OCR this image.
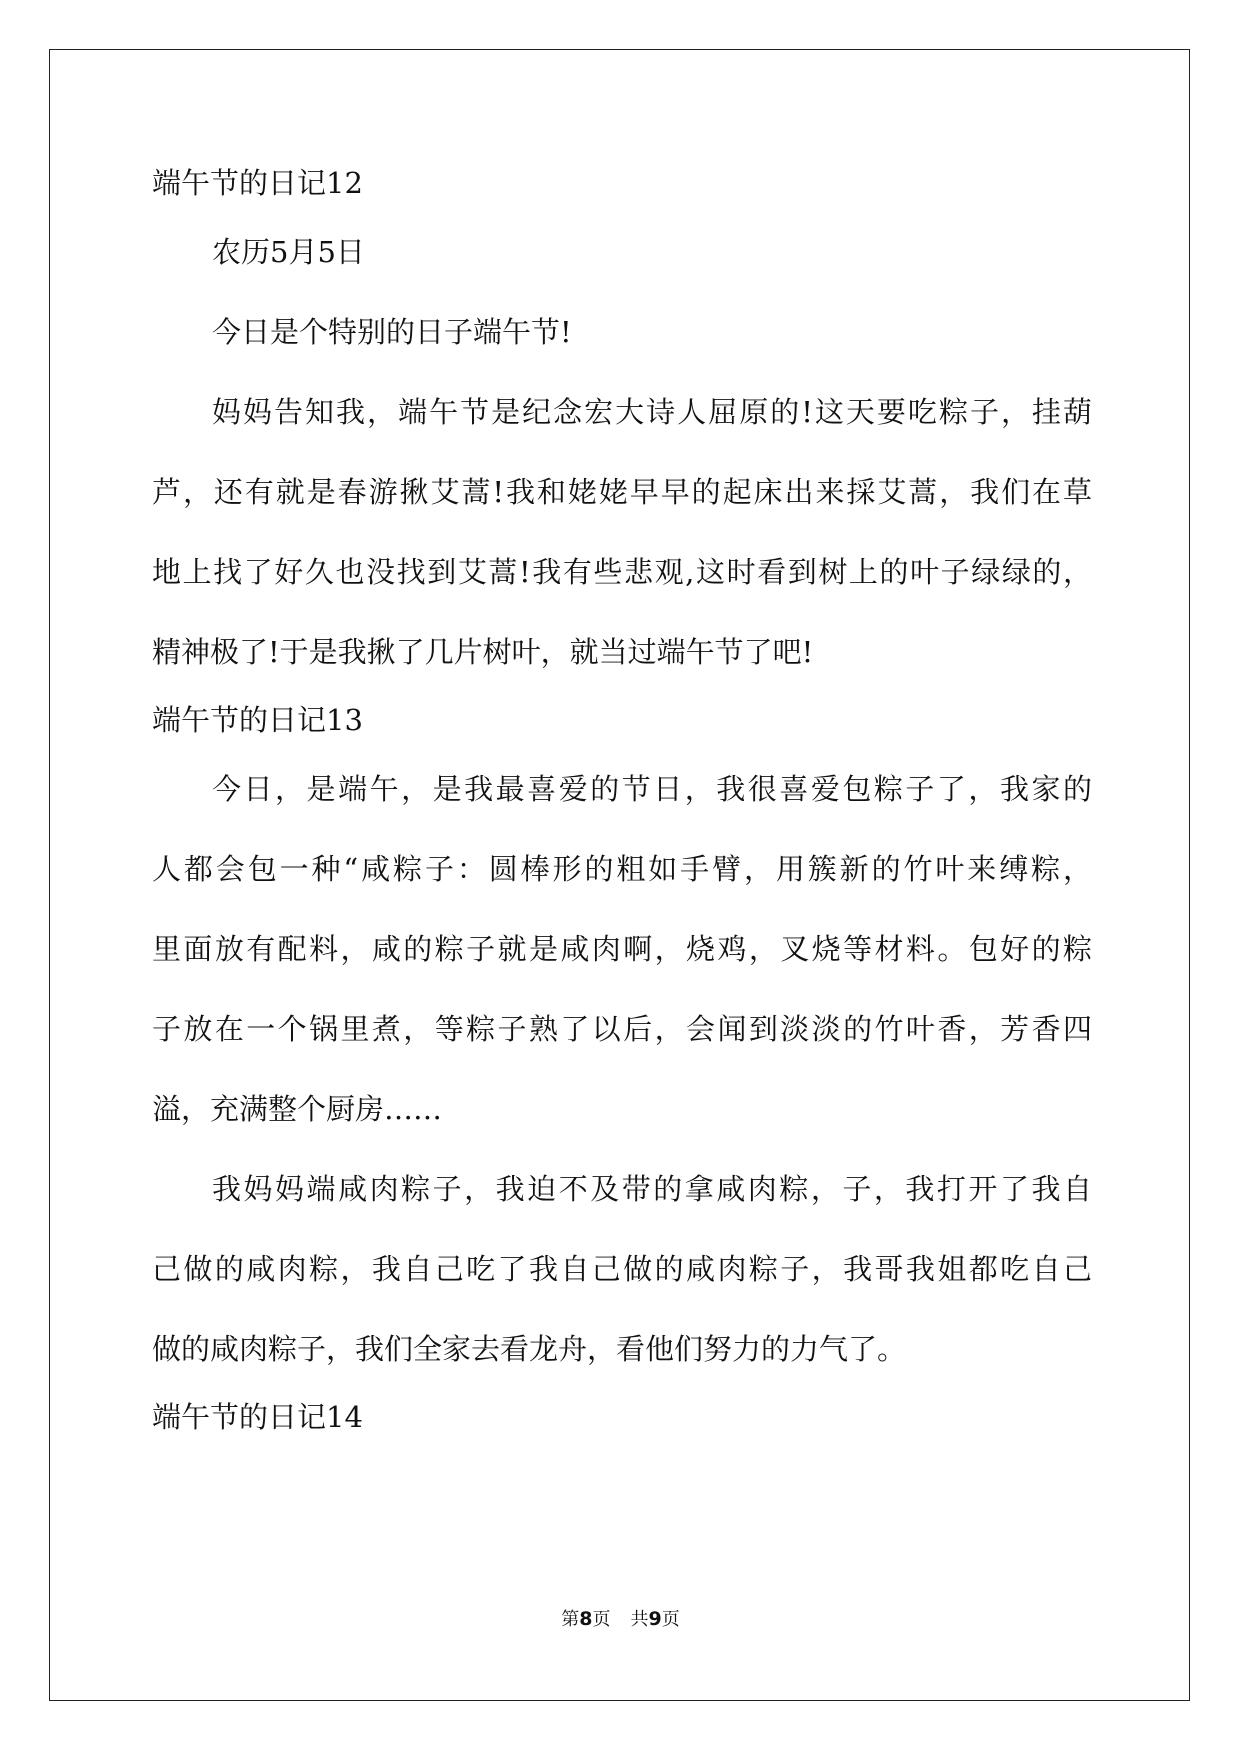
端午节的日记12
农历5月5日
今日是个特别的日子端午节!
妈妈告知我，端午节是纪念宏大诗人屈原的!这天要吃粽子，挂葫
芦，还有就是春游揪艾蒿!我和姥姥早早的起床出来採艾蒿，我们在草
地上找了好久也没找到艾蒿!我有些悲观,这时看到树上的叶子绿绿的，
精神极了!于是我揪了几片树叶，就当过端午节了吧!
端午节的日记13
今日，是端午，是我最喜爱的节日，我很喜爱包粽子了，我家的
人都会包一种“咸粽子：圆棒形的粗如手臂，用簇新的竹叶来缚粽，
里面放有配料，咸的粽子就是咸肉啊，烧鸡，叉烧等材料。包好的粽
子放在一个锅里煮，等粽子熟了以后，会闻到淡淡的竹叶香，芳香四
溢，充满整个厨房……
我妈妈端咸肉粽子，我迫不及带的拿咸肉粽，子，我打开了我自
己做的咸肉粽，我自己吃了我自己做的咸肉粽子，我哥我姐都吃自己
做的咸肉粽子，我们全家去看龙舟，看他们努力的力气了。
端午节的日记14
第8页 共9页
